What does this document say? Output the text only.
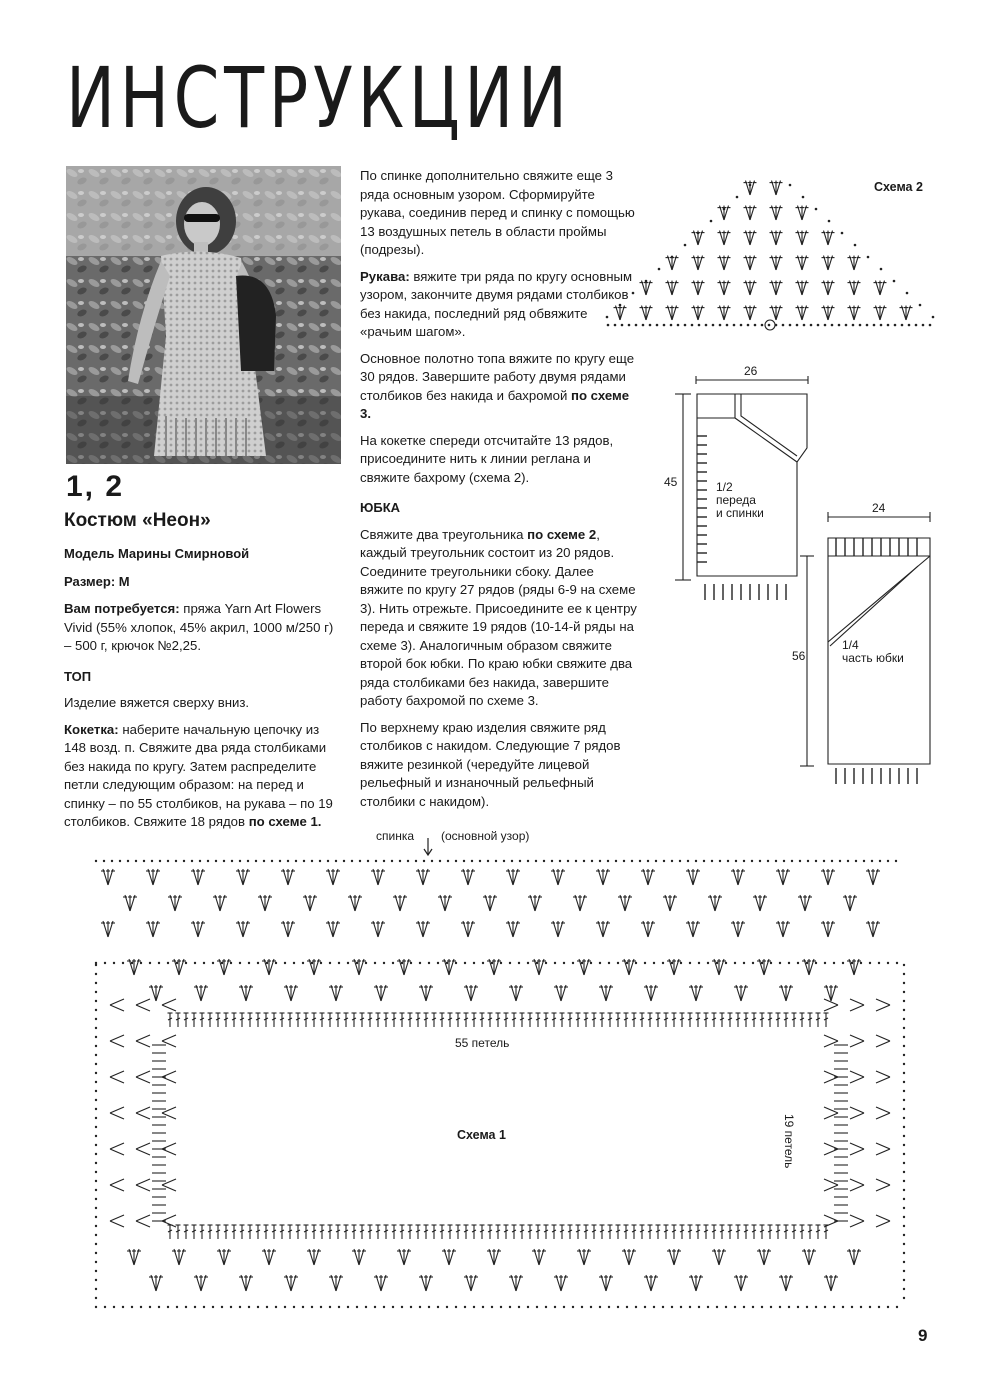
ИНСТРУКЦИИ
1, 2
Костюм «Неон»

Модель Марины Смирновой

Размер: M

Вам потребуется: пряжа Yarn Art Flowers Vivid (55% хлопок, 45% акрил, 1000 м/250 г) – 500 г, крючок №2,25.

ТОП

Изделие вяжется сверху вниз.

Кокетка: наберите начальную цепочку из 148 возд. п. Свяжите два ряда столбиками без накида по кругу. Затем распределите петли следующим образом: на перед и спинку – по 55 столбиков, на рукава – по 19 столбиков. Свяжите 18 рядов по схеме 1.

По спинке дополнительно свяжите еще 3 ряда основным узором. Сформируйте рукава, соединив перед и спинку с помощью 13 воздушных петель в области проймы (подрезы).

Рукава: вяжите три ряда по кругу основным узором, закончите двумя рядами столбиков без накида, последний ряд обвяжите «рачьим шагом».

Основное полотно топа вяжите по кругу еще 30 рядов. Завершите работу двумя рядами столбиков без накида и бахромой по схеме 3.

На кокетке спереди отсчитайте 13 рядов, присоедините нить к линии реглана и свяжите бахрому (схема 2).

ЮБКА

Свяжите два треугольника по схеме 2, каждый треугольник состоит из 20 рядов. Соедините треугольники сбоку. Далее вяжите по кругу 27 рядов (ряды 6-9 на схеме 3). Нить отрежьте. Присоедините ее к центру переда и свяжите 19 рядов (10-14-й ряды на схеме 3). Аналогичным образом свяжите второй бок юбки. По краю юбки свяжите два ряда столбиками без накида, завершите работу бахромой по схеме 3.

По верхнему краю изделия свяжите ряд столбиков с накидом. Следующие 7 рядов вяжите резинкой (чередуйте лицевой рельефный и изнаночный рельефный столбики с накидом).

Схема 2
26
45	1/2
переда
и спинки	24
56
1/4
часть юбки
спинка (основной узор)
55 петель
Схема 1	19 петель
9
